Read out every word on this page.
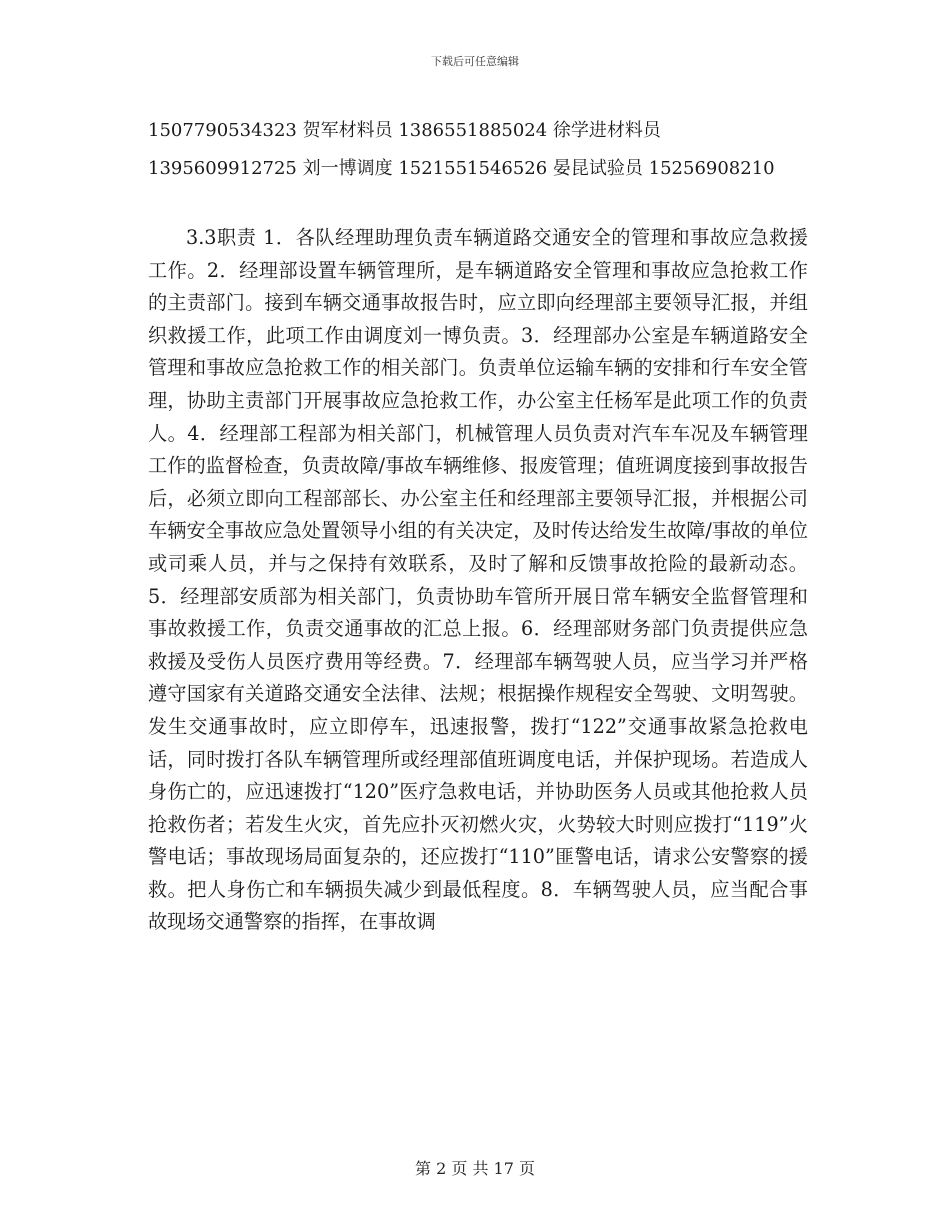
下载后可任意编辑
1507790534323 贺军材料员 1386551885024 徐学进材料员
1395609912725 刘一博调度 1521551546526 晏昆试验员 15256908210

3.3职责 1．各队经理助理负责车辆道路交通安全的管理和事故应急救援工作。2．经理部设置车辆管理所，是车辆道路安全管理和事故应急抢救工作的主责部门。接到车辆交通事故报告时，应立即向经理部主要领导汇报，并组织救援工作，此项工作由调度刘一博负责。3．经理部办公室是车辆道路安全管理和事故应急抢救工作的相关部门。负责单位运输车辆的安排和行车安全管理，协助主责部门开展事故应急抢救工作，办公室主任杨军是此项工作的负责人。4．经理部工程部为相关部门，机械管理人员负责对汽车车况及车辆管理工作的监督检查，负责故障/事故车辆维修、报废管理；值班调度接到事故报告后，必须立即向工程部部长、办公室主任和经理部主要领导汇报，并根据公司车辆安全事故应急处置领导小组的有关决定，及时传达给发生故障/事故的单位或司乘人员，并与之保持有效联系，及时了解和反馈事故抢险的最新动态。5．经理部安质部为相关部门，负责协助车管所开展日常车辆安全监督管理和事故救援工作，负责交通事故的汇总上报。6．经理部财务部门负责提供应急救援及受伤人员医疗费用等经费。7．经理部车辆驾驶人员，应当学习并严格遵守国家有关道路交通安全法律、法规；根据操作规程安全驾驶、文明驾驶。发生交通事故时，应立即停车，迅速报警，拨打“122”交通事故紧急抢救电话，同时拨打各队车辆管理所或经理部值班调度电话，并保护现场。若造成人身伤亡的，应迅速拨打“120”医疗急救电话，并协助医务人员或其他抢救人员抢救伤者；若发生火灾，首先应扑灭初燃火灾，火势较大时则应拨打“119”火警电话；事故现场局面复杂的，还应拨打“110”匪警电话，请求公安警察的援救。把人身伤亡和车辆损失减少到最低程度。8．车辆驾驶人员，应当配合事故现场交通警察的指挥，在事故调

第 2 页 共 17 页
